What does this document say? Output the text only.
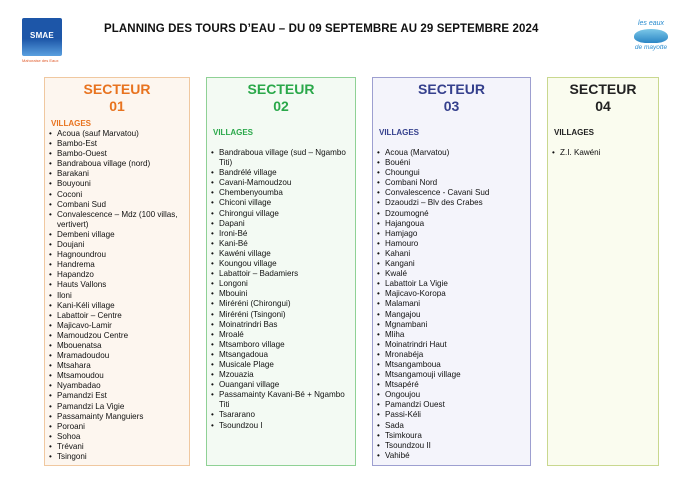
SMAE
Mahoraise des Eaux
PLANNING DES TOURS D’EAU – DU 09 SEPTEMBRE AU 29 SEPTEMBRE 2024	les eaux
de mayotte
SECTEUR
01
VILLAGES
• Acoua (sauf Marvatou)
• Bambo-Est
• Bambo-Ouest
• Bandraboua village (nord)
• Barakani
• Bouyouni
• Coconi
• Combani Sud
• Convalescence – Mdz (100 villas, vertivert)
• Dembeni village
• Doujani
• Hagnoundrou
• Handrema
• Hapandzo
• Hauts Vallons
• Iloni
• Kani-Kéli village
• Labattoir – Centre
• Majicavo-Lamir
• Mamoudzou Centre
• Mbouenatsa
• Mramadoudou
• Mtsahara
• Mtsamoudou
• Nyambadao
• Pamandzi Est
• Pamandzi La Vigie
• Passamainty Manguiers
• Poroani
• Sohoa
• Trévani
• Tsingoni
SECTEUR
02
VILLAGES
• Bandraboua village (sud – Ngambo Titi)
• Bandrélé village
• Cavani-Mamoudzou
• Chembenyoumba
• Chiconi village
• Chirongui village
• Dapani
• Ironi-Bé
• Kani-Bé
• Kawéni village
• Koungou village
• Labattoir – Badamiers
• Longoni
• Mbouini
• Miréréni (Chirongui)
• Miréréni (Tsingoni)
• Moinatrindri Bas
• Mroalé
• Mtsamboro village
• Mtsangadoua
• Musicale Plage
• Mzouazia
• Ouangani village
• Passamainty Kavani-Bé + Ngambo Titi
• Tsararano
• Tsoundzou I
SECTEUR
03
VILLAGES
• Acoua (Marvatou)
• Bouéni
• Choungui
• Combani Nord
• Convalescence - Cavani Sud
• Dzaoudzi – Blv des Crabes
• Dzoumogné
• Hajangoua
• Hamjago
• Hamouro
• Kahani
• Kangani
• Kwalé
• Labattoir La Vigie
• Majicavo-Koropa
• Malamani
• Mangajou
• Mgnambani
• Mliha
• Moinatrindri Haut
• Mronabéja
• Mtsangamboua
• Mtsangamouji village
• Mtsapéré
• Ongoujou
• Pamandzi Ouest
• Passi-Kéli
• Sada
• Tsimkoura
• Tsoundzou II
• Vahibé
SECTEUR
04
VILLAGES
• Z.I. Kawéni
